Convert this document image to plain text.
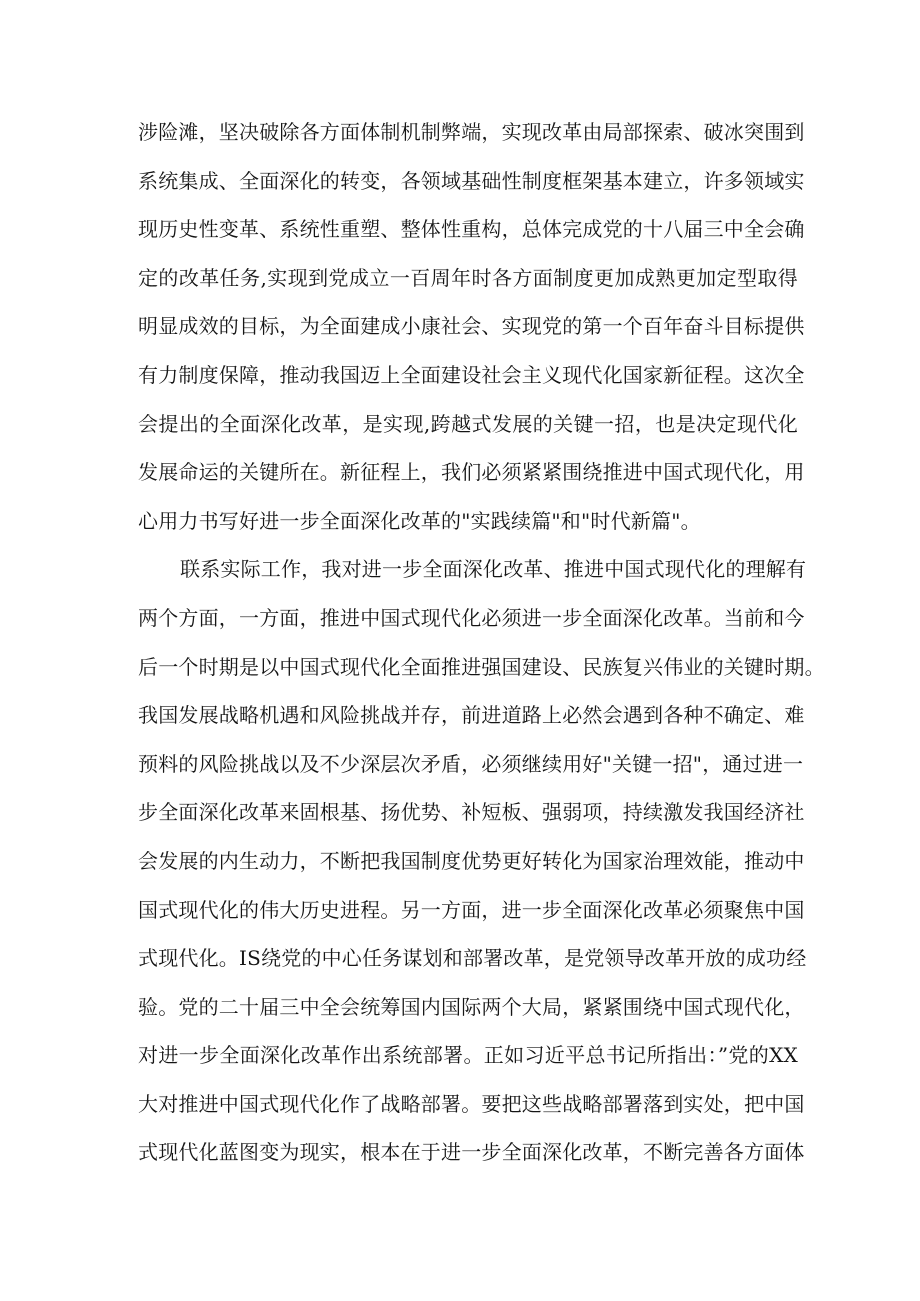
涉险滩，坚决破除各方面体制机制弊端，实现改革由局部探索、破冰突围到
系统集成、全面深化的转变，各领域基础性制度框架基本建立，许多领域实
现历史性变革、系统性重塑、整体性重构，总体完成党的十八届三中全会确
定的改革任务,实现到党成立一百周年时各方面制度更加成熟更加定型取得
明显成效的目标，为全面建成小康社会、实现党的第一个百年奋斗目标提供
有力制度保障，推动我国迈上全面建设社会主义现代化国家新征程。这次全
会提出的全面深化改革，是实现,跨越式发展的关键一招，也是决定现代化
发展命运的关键所在。新征程上，我们必须紧紧围绕推进中国式现代化，用
心用力书写好进一步全面深化改革的"实践续篇"和"时代新篇"。
联系实际工作，我对进一步全面深化改革、推进中国式现代化的理解有
两个方面，一方面，推进中国式现代化必须进一步全面深化改革。当前和今
后一个时期是以中国式现代化全面推进强国建设、民族复兴伟业的关键时期。
我国发展战略机遇和风险挑战并存，前进道路上必然会遇到各种不确定、难
预料的风险挑战以及不少深层次矛盾，必须继续用好"关键一招"，通过进一
步全面深化改革来固根基、扬优势、补短板、强弱项，持续激发我国经济社
会发展的内生动力，不断把我国制度优势更好转化为国家治理效能，推动中
国式现代化的伟大历史进程。另一方面，进一步全面深化改革必须聚焦中国
式现代化。IS绕党的中心任务谋划和部署改革，是党领导改革开放的成功经
验。党的二十届三中全会统筹国内国际两个大局，紧紧围绕中国式现代化，
对进一步全面深化改革作出系统部署。正如习近平总书记所指出：”党的XX
大对推进中国式现代化作了战略部署。要把这些战略部署落到实处，把中国
式现代化蓝图变为现实，根本在于进一步全面深化改革，不断完善各方面体
